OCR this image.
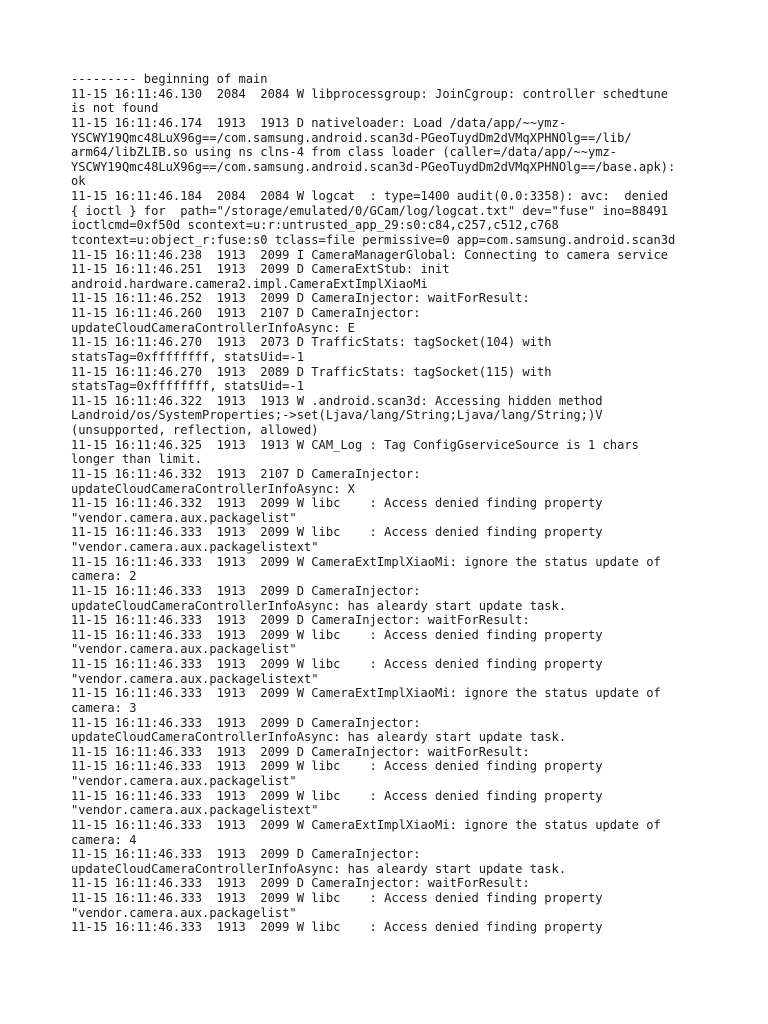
--------- beginning of main

11-15 16:11:46.130  2084  2084 W libprocessgroup: JoinCgroup: controller schedtune

is not found

11-15 16:11:46.174  1913  1913 D nativeloader: Load /data/app/~~ymz-

YSCWY19Qmc48LuX96g==/com.samsung.android.scan3d-PGeoTuydDm2dVMqXPHNOlg==/lib/

arm64/libZLIB.so using ns clns-4 from class loader (caller=/data/app/~~ymz-

YSCWY19Qmc48LuX96g==/com.samsung.android.scan3d-PGeoTuydDm2dVMqXPHNOlg==/base.apk):

ok

11-15 16:11:46.184  2084  2084 W logcat  : type=1400 audit(0.0:3358): avc:  denied

{ ioctl } for  path="/storage/emulated/0/GCam/log/logcat.txt" dev="fuse" ino=88491

ioctlcmd=0xf50d scontext=u:r:untrusted_app_29:s0:c84,c257,c512,c768

tcontext=u:object_r:fuse:s0 tclass=file permissive=0 app=com.samsung.android.scan3d

11-15 16:11:46.238  1913  2099 I CameraManagerGlobal: Connecting to camera service

11-15 16:11:46.251  1913  2099 D CameraExtStub: init

android.hardware.camera2.impl.CameraExtImplXiaoMi

11-15 16:11:46.252  1913  2099 D CameraInjector: waitForResult:

11-15 16:11:46.260  1913  2107 D CameraInjector:

updateCloudCameraControllerInfoAsync: E

11-15 16:11:46.270  1913  2073 D TrafficStats: tagSocket(104) with

statsTag=0xffffffff, statsUid=-1

11-15 16:11:46.270  1913  2089 D TrafficStats: tagSocket(115) with

statsTag=0xffffffff, statsUid=-1

11-15 16:11:46.322  1913  1913 W .android.scan3d: Accessing hidden method

Landroid/os/SystemProperties;->set(Ljava/lang/String;Ljava/lang/String;)V

(unsupported, reflection, allowed)

11-15 16:11:46.325  1913  1913 W CAM_Log : Tag ConfigGserviceSource is 1 chars

longer than limit.

11-15 16:11:46.332  1913  2107 D CameraInjector:

updateCloudCameraControllerInfoAsync: X

11-15 16:11:46.332  1913  2099 W libc    : Access denied finding property

"vendor.camera.aux.packagelist"

11-15 16:11:46.333  1913  2099 W libc    : Access denied finding property

"vendor.camera.aux.packagelistext"

11-15 16:11:46.333  1913  2099 W CameraExtImplXiaoMi: ignore the status update of

camera: 2

11-15 16:11:46.333  1913  2099 D CameraInjector:

updateCloudCameraControllerInfoAsync: has aleardy start update task.

11-15 16:11:46.333  1913  2099 D CameraInjector: waitForResult:

11-15 16:11:46.333  1913  2099 W libc    : Access denied finding property

"vendor.camera.aux.packagelist"

11-15 16:11:46.333  1913  2099 W libc    : Access denied finding property

"vendor.camera.aux.packagelistext"

11-15 16:11:46.333  1913  2099 W CameraExtImplXiaoMi: ignore the status update of

camera: 3

11-15 16:11:46.333  1913  2099 D CameraInjector:

updateCloudCameraControllerInfoAsync: has aleardy start update task.

11-15 16:11:46.333  1913  2099 D CameraInjector: waitForResult:

11-15 16:11:46.333  1913  2099 W libc    : Access denied finding property

"vendor.camera.aux.packagelist"

11-15 16:11:46.333  1913  2099 W libc    : Access denied finding property

"vendor.camera.aux.packagelistext"

11-15 16:11:46.333  1913  2099 W CameraExtImplXiaoMi: ignore the status update of

camera: 4

11-15 16:11:46.333  1913  2099 D CameraInjector:

updateCloudCameraControllerInfoAsync: has aleardy start update task.

11-15 16:11:46.333  1913  2099 D CameraInjector: waitForResult:

11-15 16:11:46.333  1913  2099 W libc    : Access denied finding property

"vendor.camera.aux.packagelist"

11-15 16:11:46.333  1913  2099 W libc    : Access denied finding property
